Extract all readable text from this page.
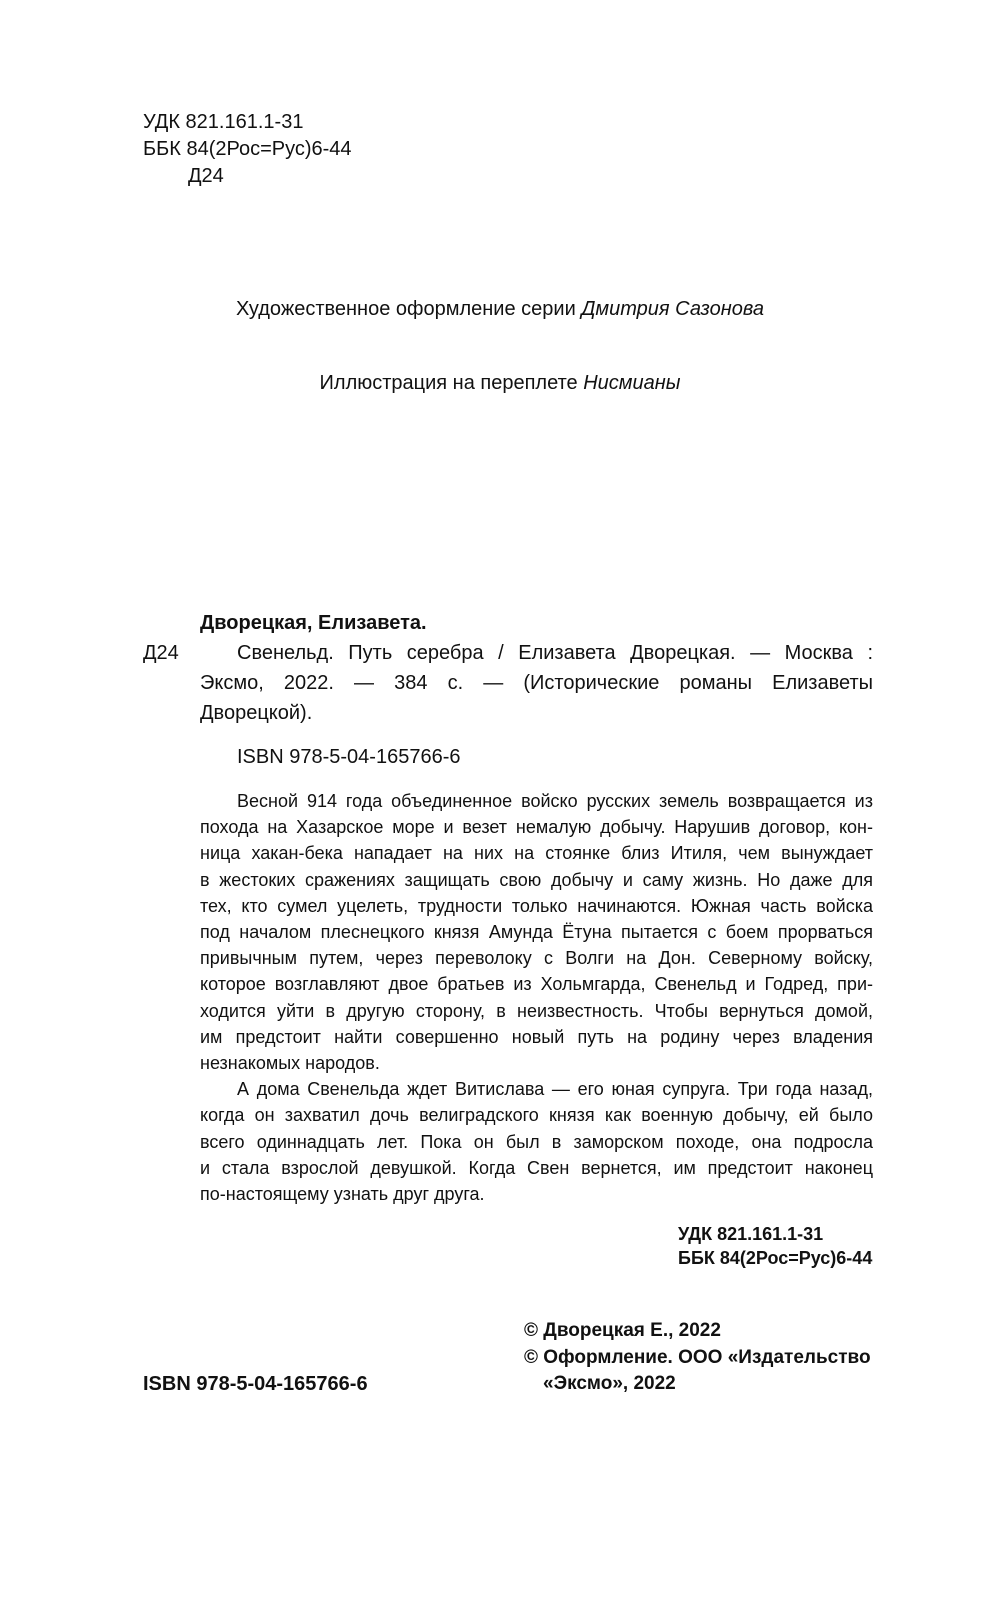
УДК 821.161.1-31
ББК 84(2Рос=Рус)6-44
Д24
Художественное оформление серии Дмитрия Сазонова
Иллюстрация на переплете Нисмианы
Дворецкая, Елизавета.
Д24	Свенельд. Путь серебра / Елизавета Дворецкая. — Москва :
Эксмо, 2022. — 384 с. — (Исторические романы Елизаветы
Дворецкой).
ISBN 978-5-04-165766-6
Весной 914 года объединенное войско русских земель возвращается из
похода на Хазарское море и везет немалую добычу. Нарушив договор, кон-
ница хакан-бека нападает на них на стоянке близ Итиля, чем вынуждает
в жестоких сражениях защищать свою добычу и саму жизнь. Но даже для
тех, кто сумел уцелеть, трудности только начинаются. Южная часть войска
под началом плеснецкого князя Амунда Ётуна пытается с боем прорваться
привычным путем, через переволоку с Волги на Дон. Северному войску,
которое возглавляют двое братьев из Хольмгарда, Свенельд и Годред, при-
ходится уйти в другую сторону, в неизвестность. Чтобы вернуться домой,
им предстоит найти совершенно новый путь на родину через владения
незнакомых народов.
А дома Свенельда ждет Витислава — его юная супруга. Три года назад,
когда он захватил дочь велиградского князя как военную добычу, ей было
всего одиннадцать лет. Пока он был в заморском походе, она подросла
и стала взрослой девушкой. Когда Свен вернется, им предстоит наконец
по-настоящему узнать друг друга.
УДК 821.161.1-31
ББК 84(2Рос=Рус)6-44
© Дворецкая Е., 2022
© Оформление. ООО «Издательство
«Эксмо», 2022
ISBN 978-5-04-165766-6
